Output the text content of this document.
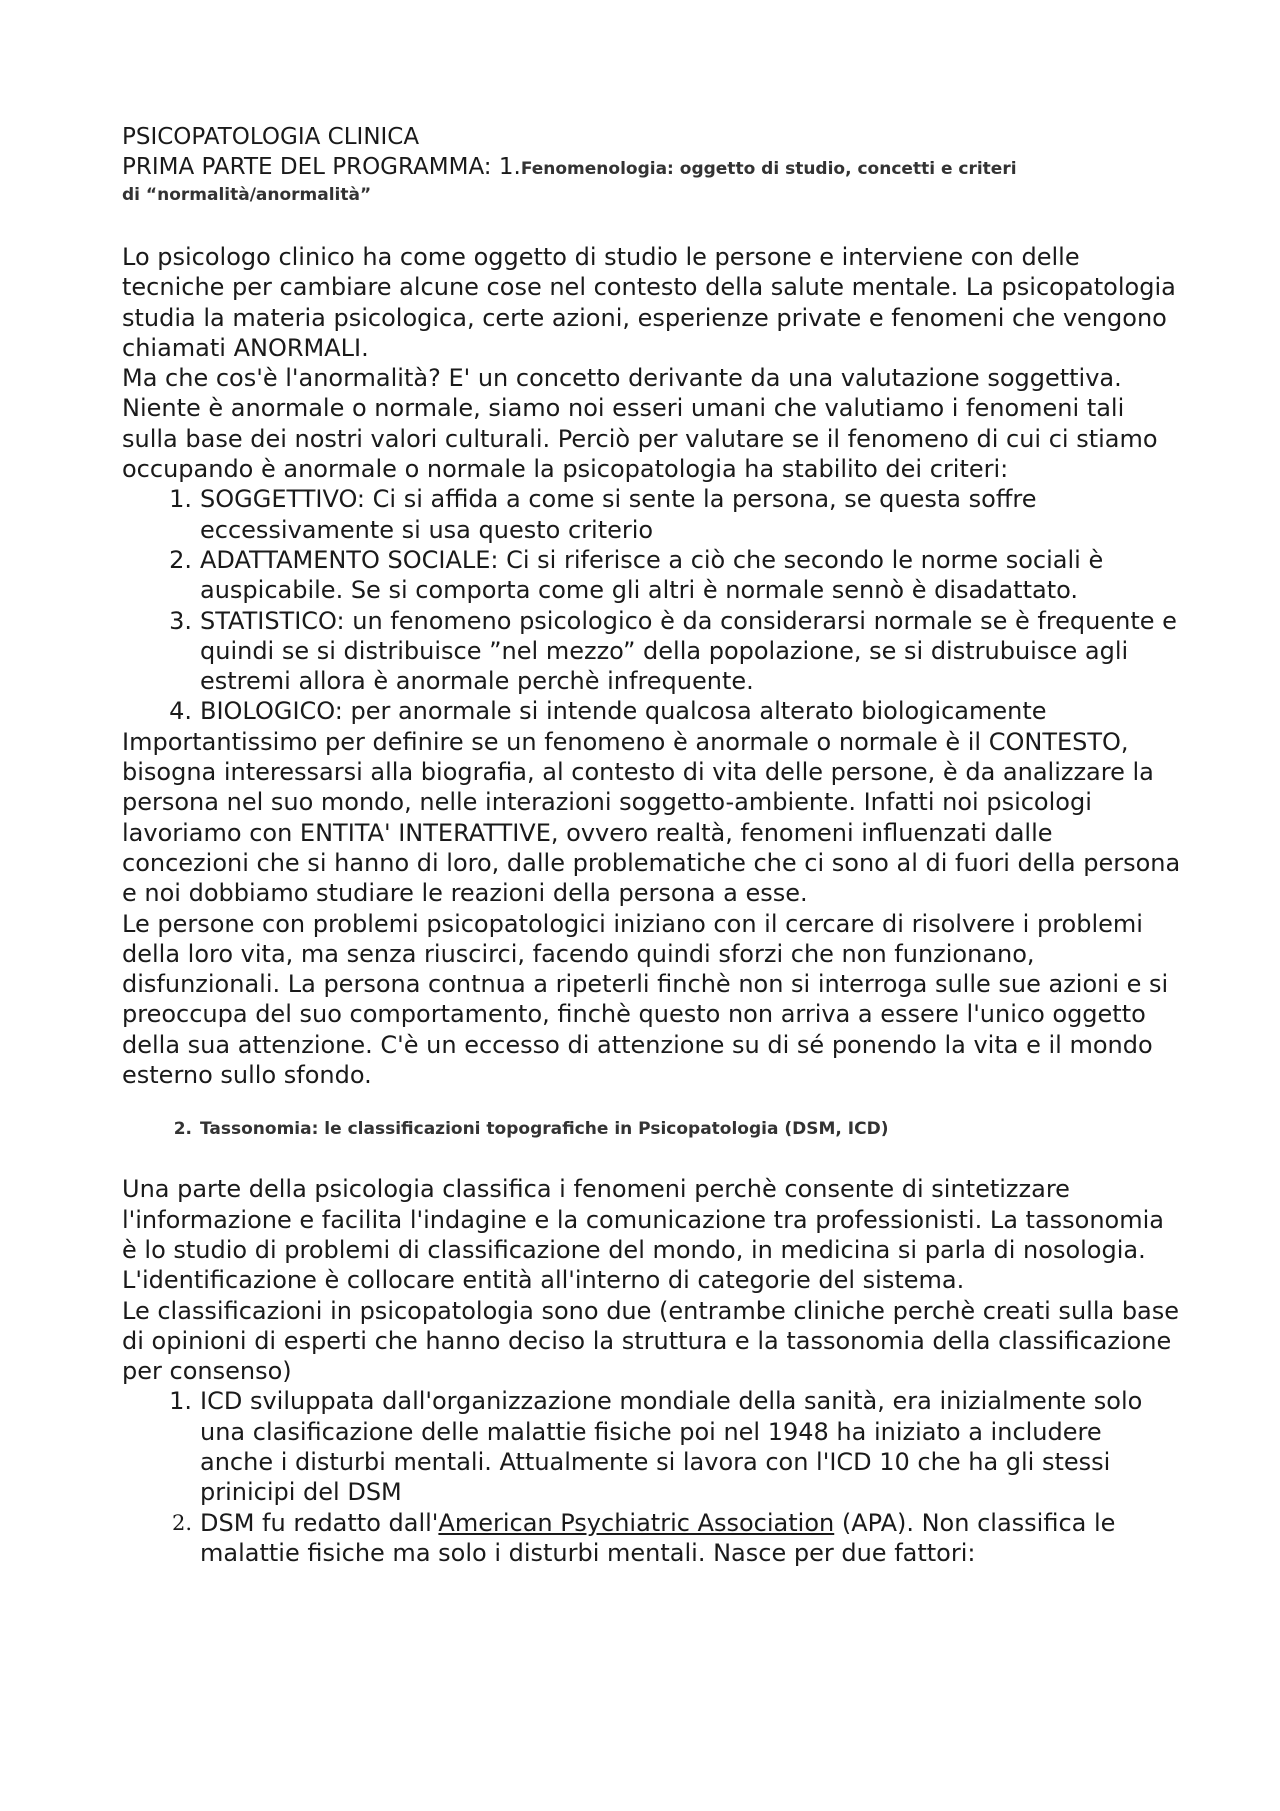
PSICOPATOLOGIA CLINICA

PRIMA PARTE DEL PROGRAMMA: 1.Fenomenologia: oggetto di studio, concetti e criteri

di “normalità/anormalità”

Lo psicologo clinico ha come oggetto di studio le persone e interviene con delle tecniche per cambiare alcune cose nel contesto della salute mentale. La psicopatologia studia la materia psicologica, certe azioni, esperienze private e fenomeni che vengono chiamati ANORMALI.

Ma che cos'è l'anormalità? E' un concetto derivante da una valutazione soggettiva. Niente è anormale o normale, siamo noi esseri umani che valutiamo i fenomeni tali sulla base dei nostri valori culturali. Perciò per valutare se il fenomeno di cui ci stiamo occupando è anormale o normale la psicopatologia ha stabilito dei criteri:

1. SOGGETTIVO: Ci si affida a come si sente la persona, se questa soffre eccessivamente si usa questo criterio
2. ADATTAMENTO SOCIALE: Ci si riferisce a ciò che secondo le norme sociali è auspicabile. Se si comporta come gli altri è normale sennò è disadattato.
3. STATISTICO: un fenomeno psicologico è da considerarsi normale se è frequente e quindi se si distribuisce ”nel mezzo” della popolazione, se si distrubuisce agli estremi allora è anormale perchè infrequente.
4. BIOLOGICO: per anormale si intende qualcosa alterato biologicamente

Importantissimo per definire se un fenomeno è anormale o normale è il CONTESTO, bisogna interessarsi alla biografia, al contesto di vita delle persone, è da analizzare la persona nel suo mondo, nelle interazioni soggetto-ambiente. Infatti noi psicologi lavoriamo con ENTITA' INTERATTIVE, ovvero realtà, fenomeni influenzati dalle concezioni che si hanno di loro, dalle problematiche che ci sono al di fuori della persona e noi dobbiamo studiare le reazioni della persona a esse.

Le persone con problemi psicopatologici iniziano con il cercare di risolvere i problemi della loro vita, ma senza riuscirci, facendo quindi sforzi che non funzionano, disfunzionali. La persona contnua a ripeterli finchè non si interroga sulle sue azioni e si preoccupa del suo comportamento, finchè questo non arriva a essere l'unico oggetto della sua attenzione. C'è un eccesso di attenzione su di sé ponendo la vita e il mondo esterno sullo sfondo.

2. Tassonomia: le classificazioni topografiche in Psicopatologia (DSM, ICD)

Una parte della psicologia classifica i fenomeni perchè consente di sintetizzare l'informazione e facilita l'indagine e la comunicazione tra professionisti. La tassonomia è lo studio di problemi di classificazione del mondo, in medicina si parla di nosologia. L'identificazione è collocare entità all'interno di categorie del sistema.

Le classificazioni in psicopatologia sono due (entrambe cliniche perchè creati sulla base di opinioni di esperti che hanno deciso la struttura e la tassonomia della classificazione per consenso)

1. ICD sviluppata dall'organizzazione mondiale della sanità, era inizialmente solo una clasificazione delle malattie fisiche poi nel 1948 ha iniziato a includere anche i disturbi mentali. Attualmente si lavora con l'ICD 10 che ha gli stessi prinicipi del DSM
2. DSM fu redatto dall'American Psychiatric Association (APA). Non classifica le malattie fisiche ma solo i disturbi mentali. Nasce per due fattori:
